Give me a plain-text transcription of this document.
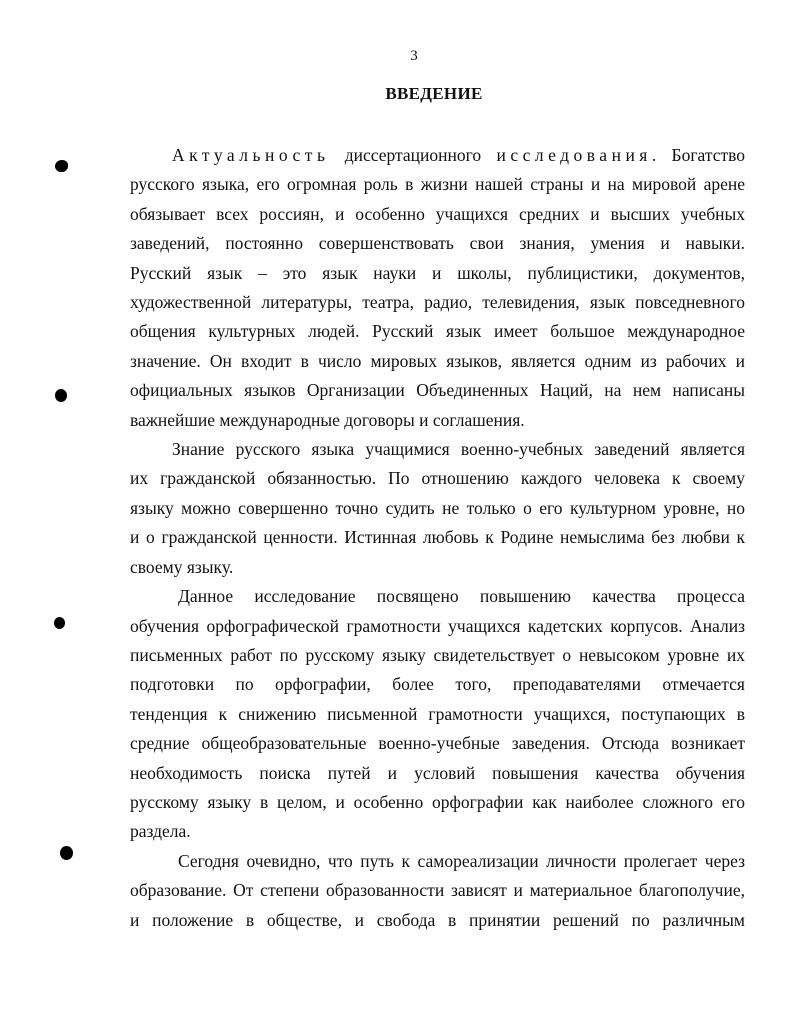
3
ВВЕДЕНИЕ
Актуальность диссертационного исследования. Богатство
русского языка, его огромная роль в жизни нашей страны и на мировой арене
обязывает всех россиян, и особенно учащихся средних и высших учебных
заведений, постоянно совершенствовать свои знания, умения и навыки.
Русский язык – это язык науки и школы, публицистики, документов,
художественной литературы, театра, радио, телевидения, язык повседневного
общения культурных людей. Русский язык имеет большое международное
значение. Он входит в число мировых языков, является одним из рабочих и
официальных языков Организации Объединенных Наций, на нем написаны
важнейшие международные договоры и соглашения.
Знание русского языка учащимися военно-учебных заведений является
их гражданской обязанностью. По отношению каждого человека к своему
языку можно совершенно точно судить не только о его культурном уровне, но
и о гражданской ценности. Истинная любовь к Родине немыслима без любви к
своему языку.
Данное исследование посвящено повышению качества процесса
обучения орфографической грамотности учащихся кадетских корпусов. Анализ
письменных работ по русскому языку свидетельствует о невысоком уровне их
подготовки по орфографии, более того, преподавателями отмечается
тенденция к снижению письменной грамотности учащихся, поступающих в
средние общеобразовательные военно-учебные заведения. Отсюда возникает
необходимость поиска путей и условий повышения качества обучения
русскому языку в целом, и особенно орфографии как наиболее сложного его
раздела.
Сегодня очевидно, что путь к самореализации личности пролегает через
образование. От степени образованности зависят и материальное благополучие,
и положение в обществе, и свобода в принятии решений по различным
